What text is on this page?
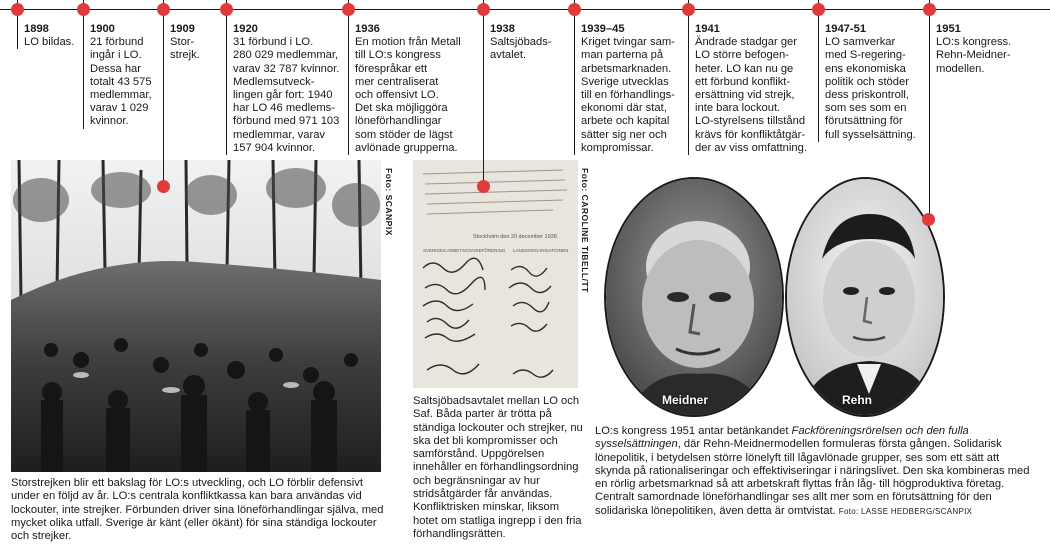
1898
LO bildas.
1900
21 förbund
ingår i LO.
Dessa har
totalt 43 575
medlemmar,
varav 1 029
kvinnor.
1909
Stor-
strejk.
1920
31 förbund i LO.
280 029 medlemmar,
varav 32 787 kvinnor.
Medlemsutveck-
lingen går fort: 1940
har LO 46 medlems-
förbund med 971 103
medlemmar, varav
157 904 kvinnor.
1936
En motion från Metall
till LO:s kongress
förespråkar ett
mer centraliserat
och offensivt LO.
Det ska möjliggöra
löneförhandlingar
som stöder de lägst
avlönade grupperna.
1938
Saltsjöbads-
avtalet.
1939–45
Kriget tvingar sam-
man parterna på
arbetsmarknaden.
Sverige utvecklas
till en förhandlings-
ekonomi där stat,
arbete och kapital
sätter sig ner och
kompromissar.
1941
Ändrade stadgar ger
LO större befogen-
heter. LO kan nu ge
ett förbund konflikt-
ersättning vid strejk,
inte bara lockout.
LO-styrelsens tillstånd
krävs för konfliktåtgär-
der av viss omfattning.
1947-51
LO samverkar
med S-regering-
ens ekonomiska
politik och stöder
dess priskontroll,
som ses som en
förutsättning för
full sysselsättning.
1951
LO:s kongress.
Rehn-Meidner-
modellen.
Foto: SCANPIX
Stockholm den 20 december 1938.
SVERIGES ARBETSGIVAREFÖRENING LANDSORGANISATIONEN Foto: CAROLINE TIBELL/TT
Meidner	Rehn
Storstrejken blir ett bakslag för LO:s utveckling, och LO förblir defensivt under en följd av år. LO:s centrala konfliktkassa kan bara användas vid lockouter, inte strejker. Förbunden driver sina löneförhandlingar själva, med mycket olika utfall. Sverige är känt (eller ökänt) för sina ständiga lockouter och strejker.
Saltsjöbadsavtalet mellan LO och Saf. Båda parter är trötta på ständiga lockouter och strejker, nu ska det bli kompromisser och samförstånd. Uppgörelsen innehåller en förhandlingsordning och begränsningar av hur stridsåtgärder får användas. Konfliktrisken minskar, liksom hotet om statliga ingrepp i den fria förhandlingsrätten.
LO:s kongress 1951 antar betänkandet Fackföreningsrörelsen och den fulla sysselsättningen, där Rehn-Meidnermodellen formuleras första gången. Solidarisk lönepolitik, i betydelsen större lönelyft till lågavlönade grupper, ses som ett sätt att skynda på rationaliseringar och effektiviseringar i näringslivet. Den ska kombineras med en rörlig arbetsmarknad så att arbetskraft flyttas från låg- till högproduktiva företag. Centralt samordnade löneförhandlingar ses allt mer som en förutsättning för den solidariska lönepolitiken, även detta är omtvistat. Foto: LASSE HEDBERG/SCANPIX
